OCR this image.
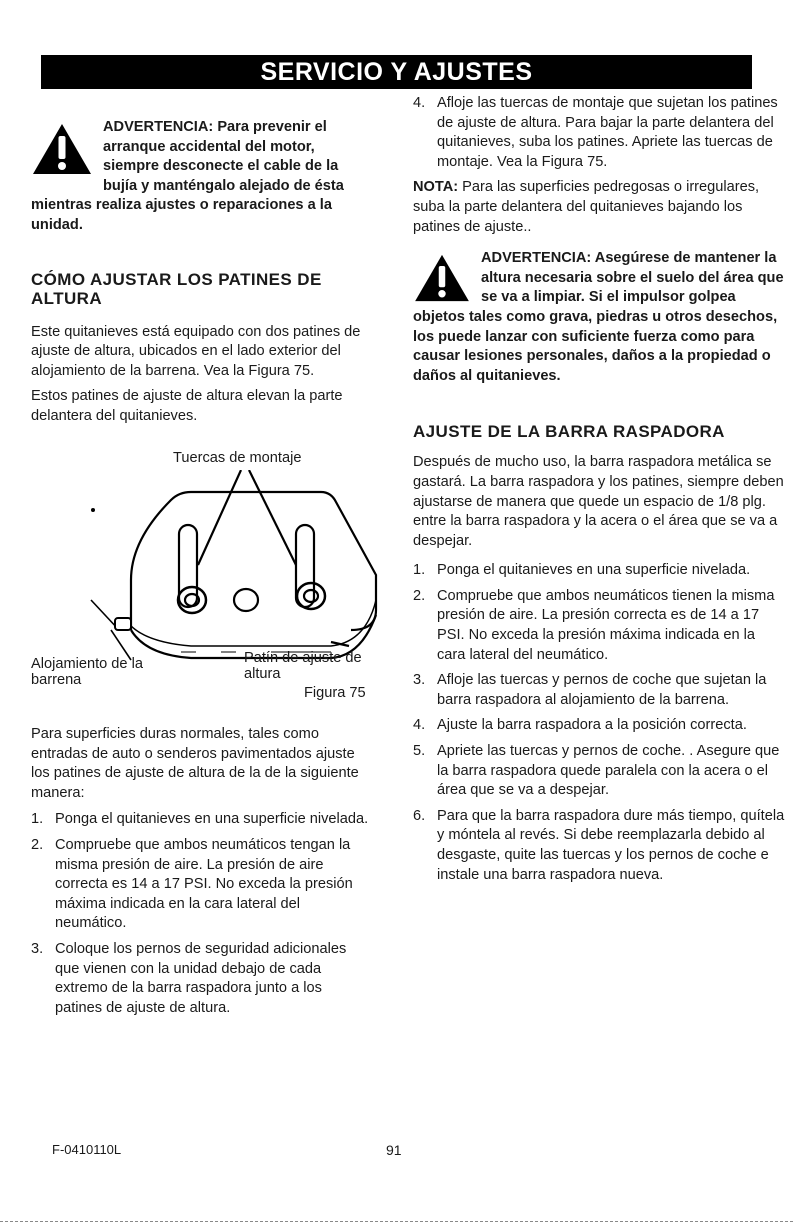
SERVICIO Y AJUSTES
ADVERTENCIA: Para prevenir el arranque accidental del motor, siempre desconecte el cable de la bujía y manténgalo alejado de ésta mientras realiza ajustes o reparaciones a la unidad.

CÓMO AJUSTAR LOS PATINES DE ALTURA

Este quitanieves está equipado con dos patines de ajuste de altura, ubicados en el lado exterior del alojamiento de la barrena. Vea la Figura 75.

Estos patines de ajuste de altura elevan la parte delantera del quitanieves.

Tuercas de montaje
Alojamiento de la barrena
Patín de ajuste de altura
Figura 75

Para superficies duras normales, tales como entradas de auto o senderos pavimentados ajuste los patines de ajuste de altura de la de la siguiente manera:

1. Ponga el quitanieves en una superficie nivelada.
2. Compruebe que ambos neumáticos tengan la misma presión de aire. La presión de aire correcta es 14 a 17 PSI. No exceda la presión máxima indicada en la cara lateral del neumático.
3. Coloque los pernos de seguridad adicionales que vienen con la unidad debajo de cada extremo de la barra raspadora junto a los patines de ajuste de altura.
4. Afloje las tuercas de montaje que sujetan los patines de ajuste de altura. Para bajar la parte delantera del quitanieves, suba los patines. Apriete las tuercas de montaje. Vea la Figura 75.

NOTA: Para las superficies pedregosas o irregulares, suba la parte delantera del quitanieves bajando los patines de ajuste..

ADVERTENCIA: Asegúrese de mantener la altura necesaria sobre el suelo del área que se va a limpiar. Si el impulsor golpea objetos tales como grava, piedras u otros desechos, los puede lanzar con suficiente fuerza como para causar lesiones personales, daños a la propiedad o daños al quitanieves.

AJUSTE DE LA BARRA RASPADORA

Después de mucho uso, la barra raspadora metálica se gastará. La barra raspadora y los patines, siempre deben ajustarse de manera que quede un espacio de 1/8 plg. entre la barra raspadora y la acera o el área que se va a despejar.

1. Ponga el quitanieves en una superficie nivelada.
2. Compruebe que ambos neumáticos tienen la misma presión de aire. La presión correcta es de 14 a 17 PSI. No exceda la presión máxima indicada en la cara lateral del neumático.
3. Afloje las tuercas y pernos de coche que sujetan la barra raspadora al alojamiento de la barrena.
4. Ajuste la barra raspadora a la posición correcta.
5. Apriete las tuercas y pernos de coche. . Asegure que la barra raspadora quede paralela con la acera o el área que se va a despejar.
6. Para que la barra raspadora dure más tiempo, quítela y móntela al revés. Si debe reemplazarla debido al desgaste, quite las tuercas y los pernos de coche e instale una barra raspadora nueva.
F-0410110L	91
